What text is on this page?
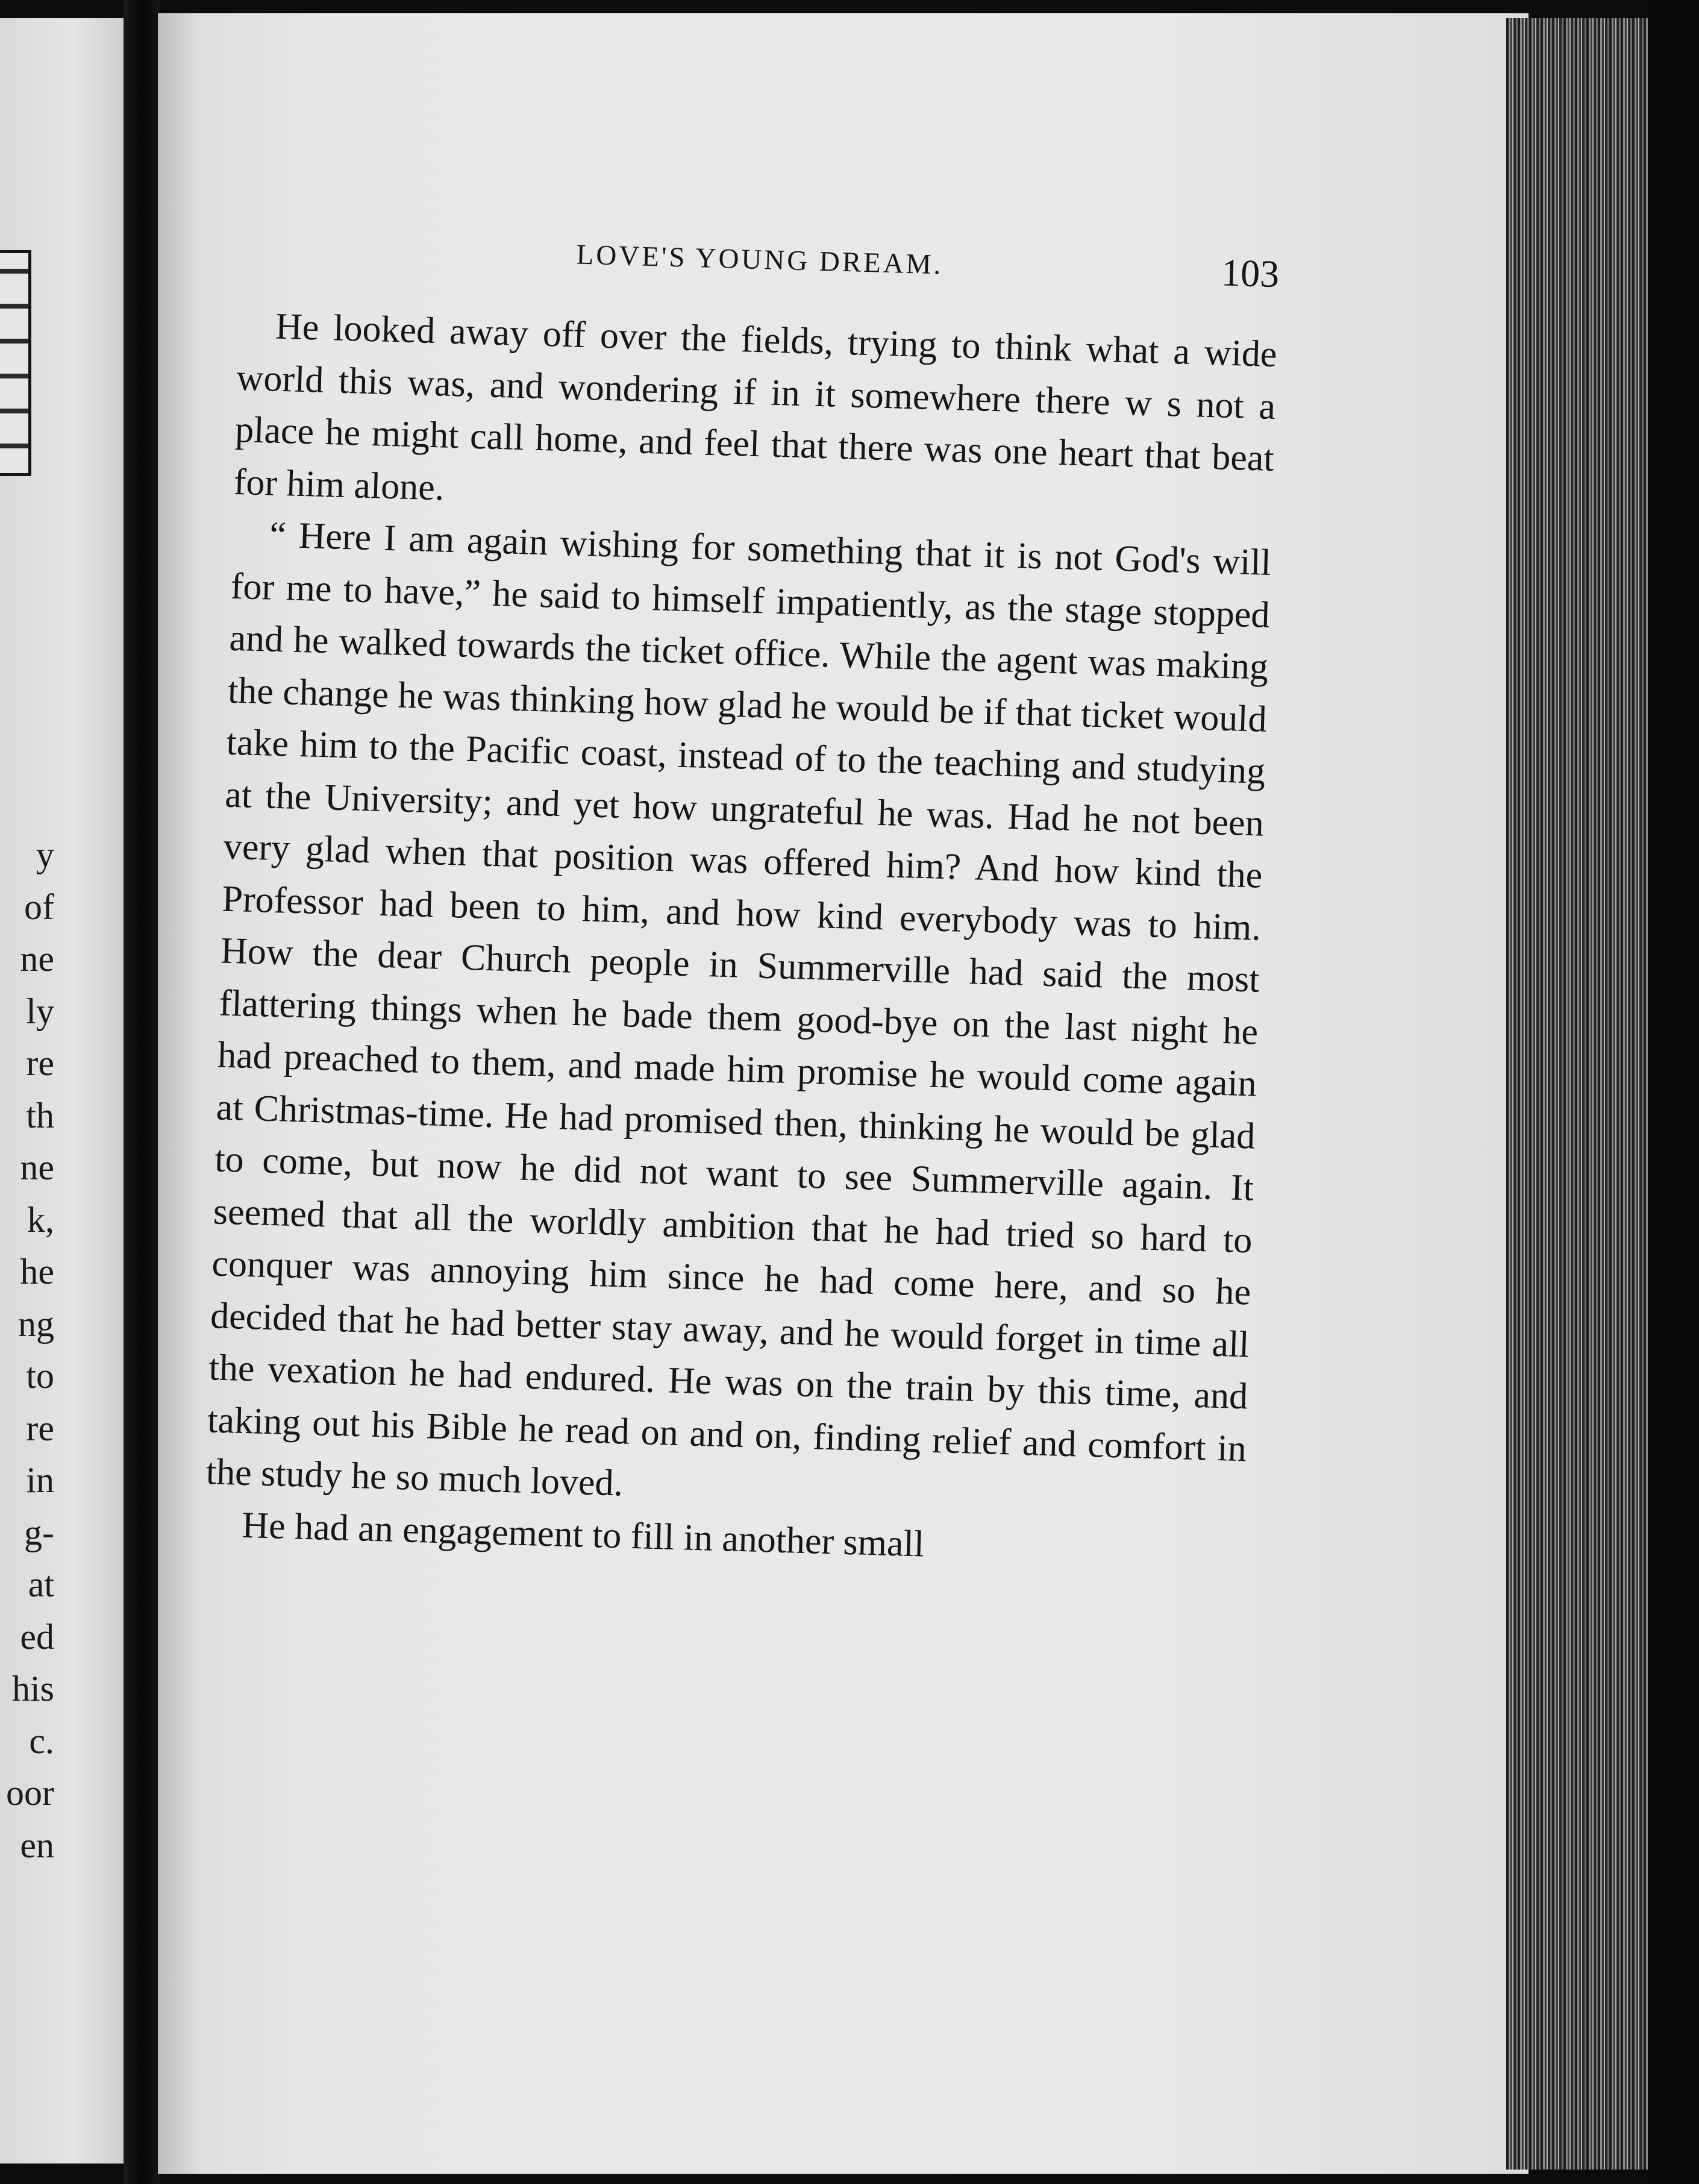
y
of
ne
ly
re
th
ne
k,
he
ng
to
re
in
g-
at
ed
his
c.
oor
en
LOVE'S YOUNG DREAM.	103

He looked away off over the fields, trying to think what a wide world this was, and wondering if in it somewhere there w s not a place he might call home, and feel that there was one heart that beat for him alone.

“ Here I am again wishing for something that it is not God's will for me to have,” he said to himself impatiently, as the stage stopped and he walked towards the ticket office. While the agent was making the change he was thinking how glad he would be if that ticket would take him to the Pacific coast, instead of to the teaching and studying at the University; and yet how ungrateful he was. Had he not been very glad when that position was offered him? And how kind the Professor had been to him, and how kind everybody was to him. How the dear Church people in Summerville had said the most flattering things when he bade them good-bye on the last night he had preached to them, and made him promise he would come again at Christmas-time. He had promised then, thinking he would be glad to come, but now he did not want to see Summerville again. It seemed that all the worldly ambition that he had tried so hard to conquer was annoying him since he had come here, and so he decided that he had better stay away, and he would forget in time all the vexation he had endured. He was on the train by this time, and taking out his Bible he read on and on, finding relief and comfort in the study he so much loved.

He had an engagement to fill in another small
